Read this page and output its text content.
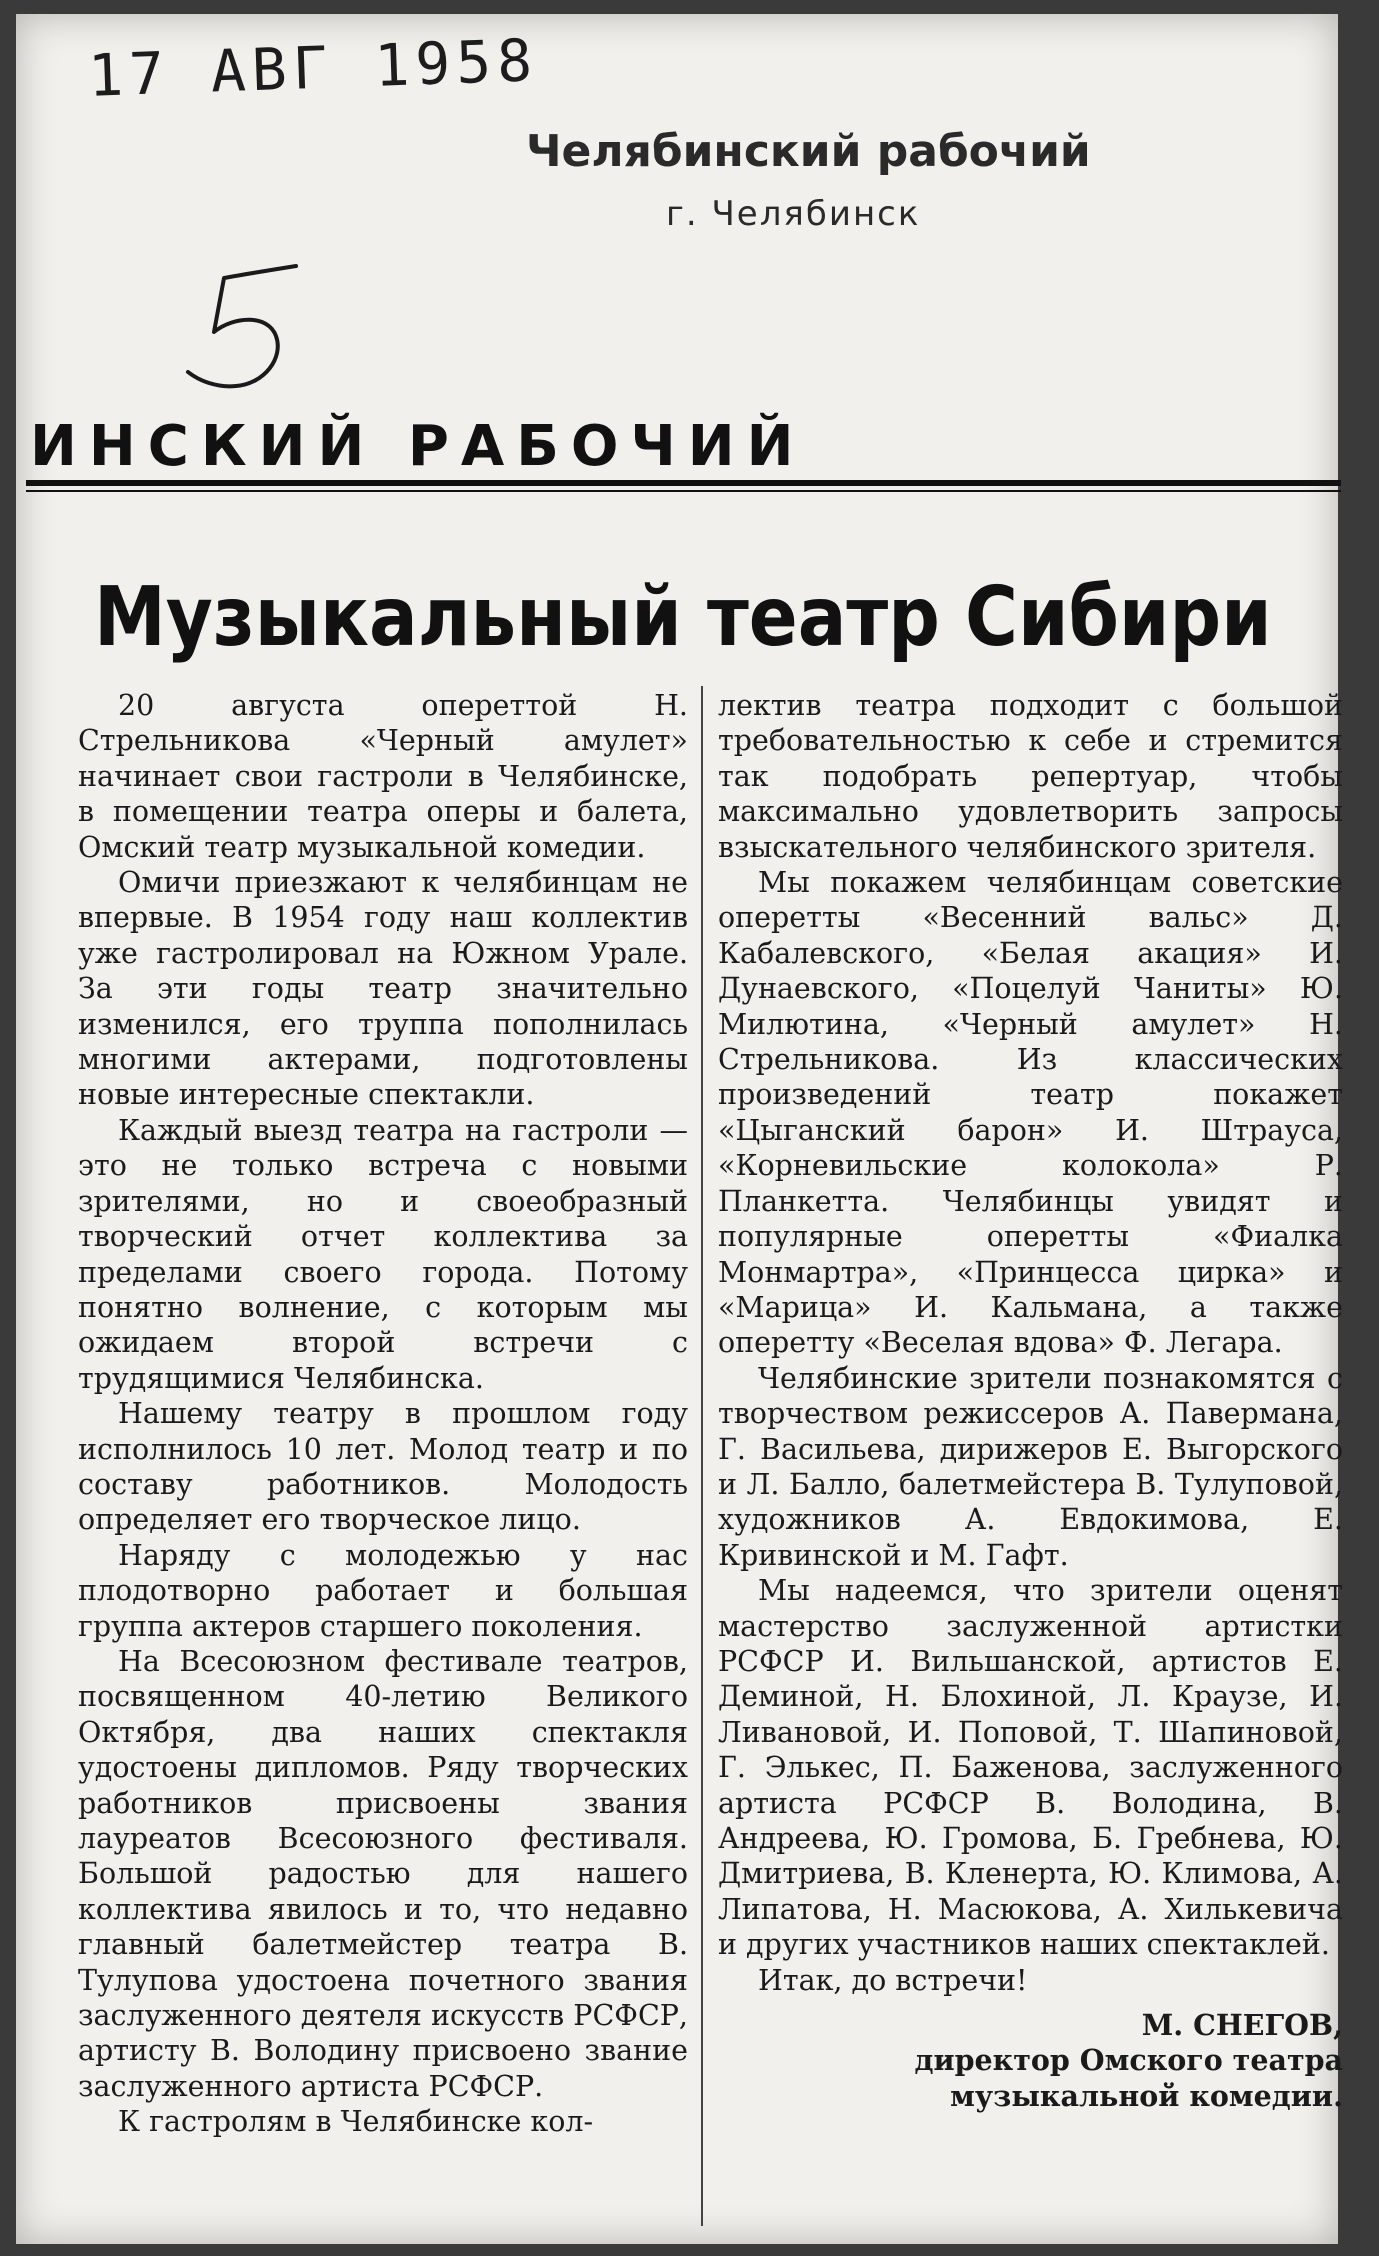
17 АВГ 1958
Челябинский рабочий
г. Челябинск
ИНСКИЙ РАБОЧИЙ
Музыкальный театр Сибири

20 августа опереттой Н. Стрельникова «Черный амулет» начинает свои гастроли в Челябинске, в помещении театра оперы и балета, Омский театр музыкальной комедии.

Омичи приезжают к челябинцам не впервые. В 1954 году наш коллектив уже гастролировал на Южном Урале. За эти годы театр значительно изменился, его труппа пополнилась многими актерами, подготовлены новые интересные спектакли.

Каждый выезд театра на гастроли — это не только встреча с новыми зрителями, но и своеобразный творческий отчет коллектива за пределами своего города. Потому понятно волнение, с которым мы ожидаем второй встречи с трудящимися Челябинска.

Нашему театру в прошлом году исполнилось 10 лет. Молод театр и по составу работников. Молодость определяет его творческое лицо.

Наряду с молодежью у нас плодотворно работает и большая группа актеров старшего поколения.

На Всесоюзном фестивале театров, посвященном 40-летию Великого Октября, два наших спектакля удостоены дипломов. Ряду творческих работников присвоены звания лауреатов Всесоюзного фестиваля. Большой радостью для нашего коллектива явилось и то, что недавно главный балетмейстер театра В. Тулупова удостоена почетного звания заслуженного деятеля искусств РСФСР, артисту В. Володину присвоено звание заслуженного артиста РСФСР.

К гастролям в Челябинске кол-

лектив театра подходит с большой требовательностью к себе и стремится так подобрать репертуар, чтобы максимально удовлетворить запросы взыскательного челябинского зрителя.

Мы покажем челябинцам советские оперетты «Весенний вальс» Д. Кабалевского, «Белая акация» И. Дунаевского, «Поцелуй Чаниты» Ю. Милютина, «Черный амулет» Н. Стрельникова. Из классических произведений театр покажет «Цыганский барон» И. Штрауса, «Корневильские колокола» Р. Планкетта. Челябинцы увидят и популярные оперетты «Фиалка Монмартра», «Принцесса цирка» и «Марица» И. Кальмана, а также оперетту «Веселая вдова» Ф. Легара.

Челябинские зрители познакомятся с творчеством режиссеров А. Павермана, Г. Васильева, дирижеров Е. Выгорского и Л. Балло, балетмейстера В. Тулуповой, художников А. Евдокимова, Е. Кривинской и М. Гафт.

Мы надеемся, что зрители оценят мастерство заслуженной артистки РСФСР И. Вильшанской, артистов Е. Деминой, Н. Блохиной, Л. Краузе, И. Ливановой, И. Поповой, Т. Шапиновой, Г. Элькес, П. Баженова, заслуженного артиста РСФСР В. Володина, В. Андреева, Ю. Громова, Б. Гребнева, Ю. Дмитриева, В. Кленерта, Ю. Климова, А. Липатова, Н. Масюкова, А. Хилькевича и других участников наших спектаклей.

Итак, до встречи!

М. СНЕГОВ,

директор Омского театра музыкальной комедии.
